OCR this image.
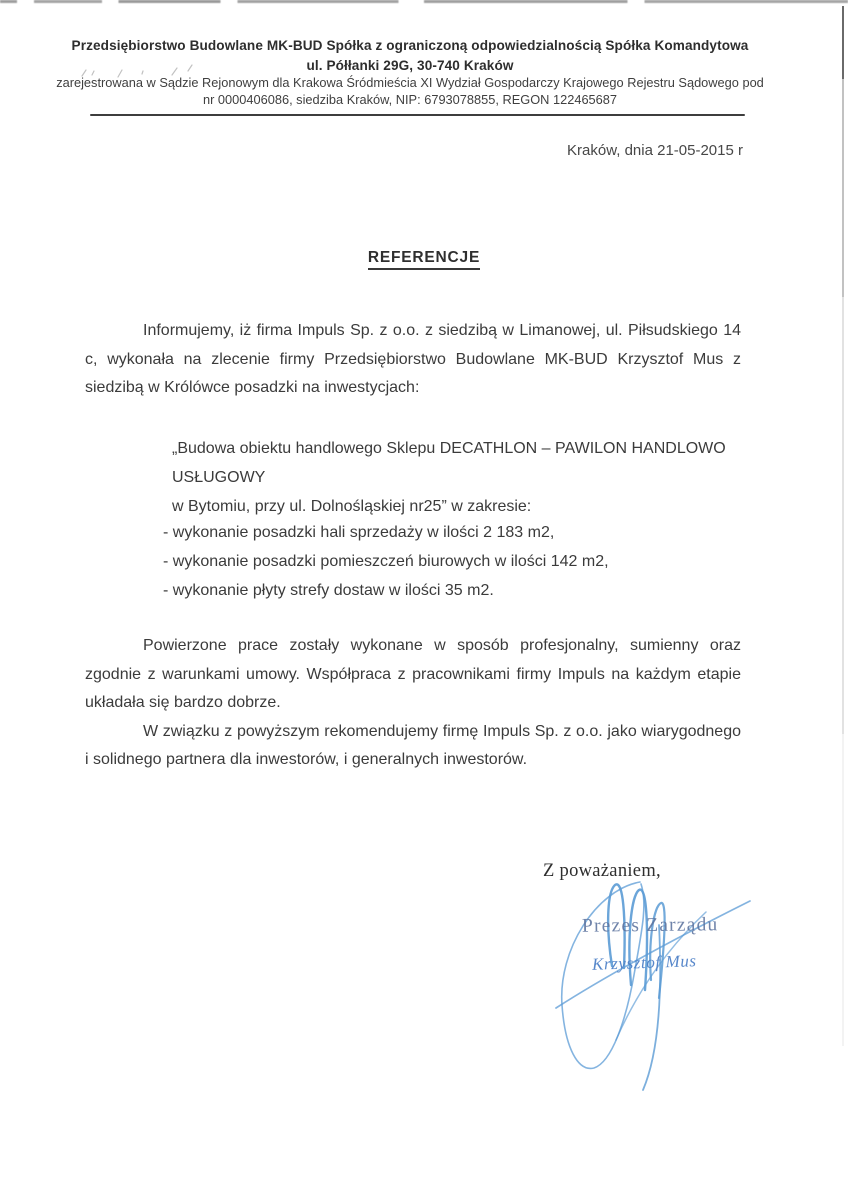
Przedsiębiorstwo Budowlane MK-BUD Spółka z ograniczoną odpowiedzialnością Spółka Komandytowa
ul. Półłanki 29G, 30-740 Kraków
zarejestrowana w Sądzie Rejonowym dla Krakowa Śródmieścia XI Wydział Gospodarczy Krajowego Rejestru Sądowego pod
nr 0000406086, siedziba Kraków, NIP: 6793078855, REGON 122465687
Kraków, dnia 21-05-2015 r
REFERENCJE

Informujemy, iż firma Impuls Sp. z o.o. z siedzibą w Limanowej, ul. Piłsudskiego 14 c, wykonała na zlecenie firmy Przedsiębiorstwo Budowlane MK-BUD Krzysztof Mus z siedzibą w Królówce posadzki na inwestycjach:

„Budowa obiektu handlowego Sklepu DECATHLON – PAWILON HANDLOWO USŁUGOWY
w Bytomiu, przy ul. Dolnośląskiej nr25” w zakresie:
- wykonanie posadzki hali sprzedaży w ilości 2 183 m2,
- wykonanie posadzki pomieszczeń biurowych w ilości 142 m2,
- wykonanie płyty strefy dostaw w ilości 35 m2.

Powierzone prace zostały wykonane w sposób profesjonalny, sumienny oraz zgodnie z warunkami umowy. Współpraca z pracownikami firmy Impuls na każdym etapie układała się bardzo dobrze.

W związku z powyższym rekomendujemy firmę Impuls Sp. z o.o. jako wiarygodnego i solidnego partnera dla inwestorów, i generalnych inwestorów.

Z poważaniem,
Prezes Zarządu
Krzysztof Mus
